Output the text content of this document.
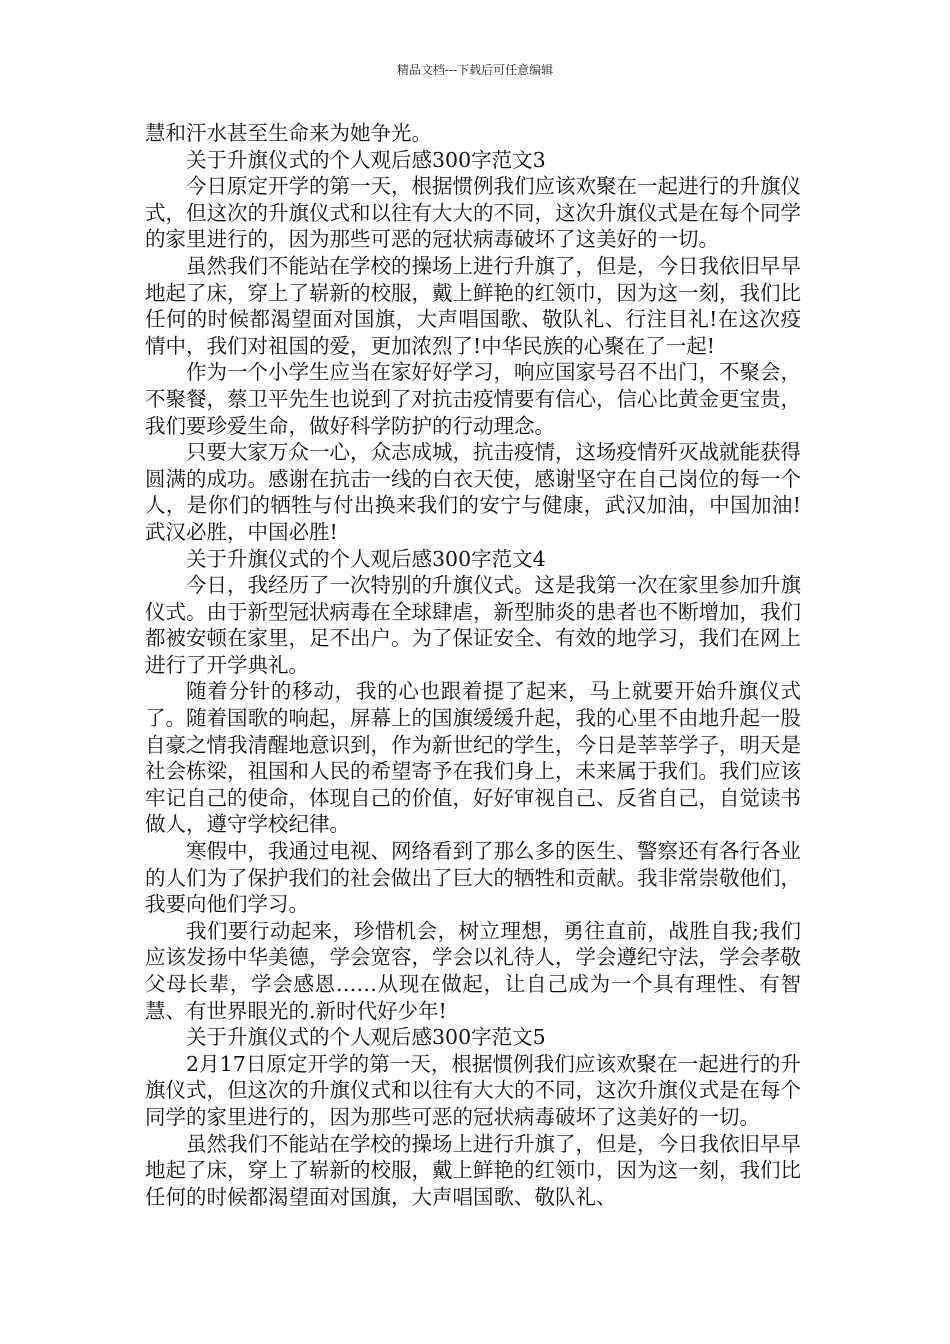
精品文档---下载后可任意编辑

慧和汗水甚至生命来为她争光。

关于升旗仪式的个人观后感300字范文3

今日原定开学的第一天，根据惯例我们应该欢聚在一起进行的升旗仪式，但这次的升旗仪式和以往有大大的不同，这次升旗仪式是在每个同学的家里进行的，因为那些可恶的冠状病毒破坏了这美好的一切。

虽然我们不能站在学校的操场上进行升旗了，但是，今日我依旧早早地起了床，穿上了崭新的校服，戴上鲜艳的红领巾，因为这一刻，我们比任何的时候都渴望面对国旗，大声唱国歌、敬队礼、行注目礼!在这次疫情中，我们对祖国的爱，更加浓烈了!中华民族的心聚在了一起!

作为一个小学生应当在家好好学习，响应国家号召不出门，不聚会，不聚餐，蔡卫平先生也说到了对抗击疫情要有信心，信心比黄金更宝贵，我们要珍爱生命，做好科学防护的行动理念。

只要大家万众一心，众志成城，抗击疫情，这场疫情歼灭战就能获得圆满的成功。感谢在抗击一线的白衣天使，感谢坚守在自己岗位的每一个人，是你们的牺牲与付出换来我们的安宁与健康，武汉加油，中国加油!武汉必胜，中国必胜!

关于升旗仪式的个人观后感300字范文4

今日，我经历了一次特别的升旗仪式。这是我第一次在家里参加升旗仪式。由于新型冠状病毒在全球肆虐，新型肺炎的患者也不断增加，我们都被安顿在家里，足不出户。为了保证安全、有效的地学习，我们在网上进行了开学典礼。

随着分针的移动，我的心也跟着提了起来，马上就要开始升旗仪式了。随着国歌的响起，屏幕上的国旗缓缓升起，我的心里不由地升起一股自豪之情我清醒地意识到，作为新世纪的学生，今日是莘莘学子，明天是社会栋梁，祖国和人民的希望寄予在我们身上，未来属于我们。我们应该牢记自己的使命，体现自己的价值，好好审视自己、反省自己，自觉读书做人，遵守学校纪律。

寒假中，我通过电视、网络看到了那么多的医生、警察还有各行各业的人们为了保护我们的社会做出了巨大的牺牲和贡献。我非常崇敬他们，我要向他们学习。

我们要行动起来，珍惜机会，树立理想，勇往直前，战胜自我;我们应该发扬中华美德，学会宽容，学会以礼待人，学会遵纪守法，学会孝敬父母长辈，学会感恩……从现在做起，让自己成为一个具有理性、有智慧、有世界眼光的.新时代好少年!

关于升旗仪式的个人观后感300字范文5

2月17日原定开学的第一天，根据惯例我们应该欢聚在一起进行的升旗仪式，但这次的升旗仪式和以往有大大的不同，这次升旗仪式是在每个同学的家里进行的，因为那些可恶的冠状病毒破坏了这美好的一切。

虽然我们不能站在学校的操场上进行升旗了，但是，今日我依旧早早地起了床，穿上了崭新的校服，戴上鲜艳的红领巾，因为这一刻，我们比任何的时候都渴望面对国旗，大声唱国歌、敬队礼、
